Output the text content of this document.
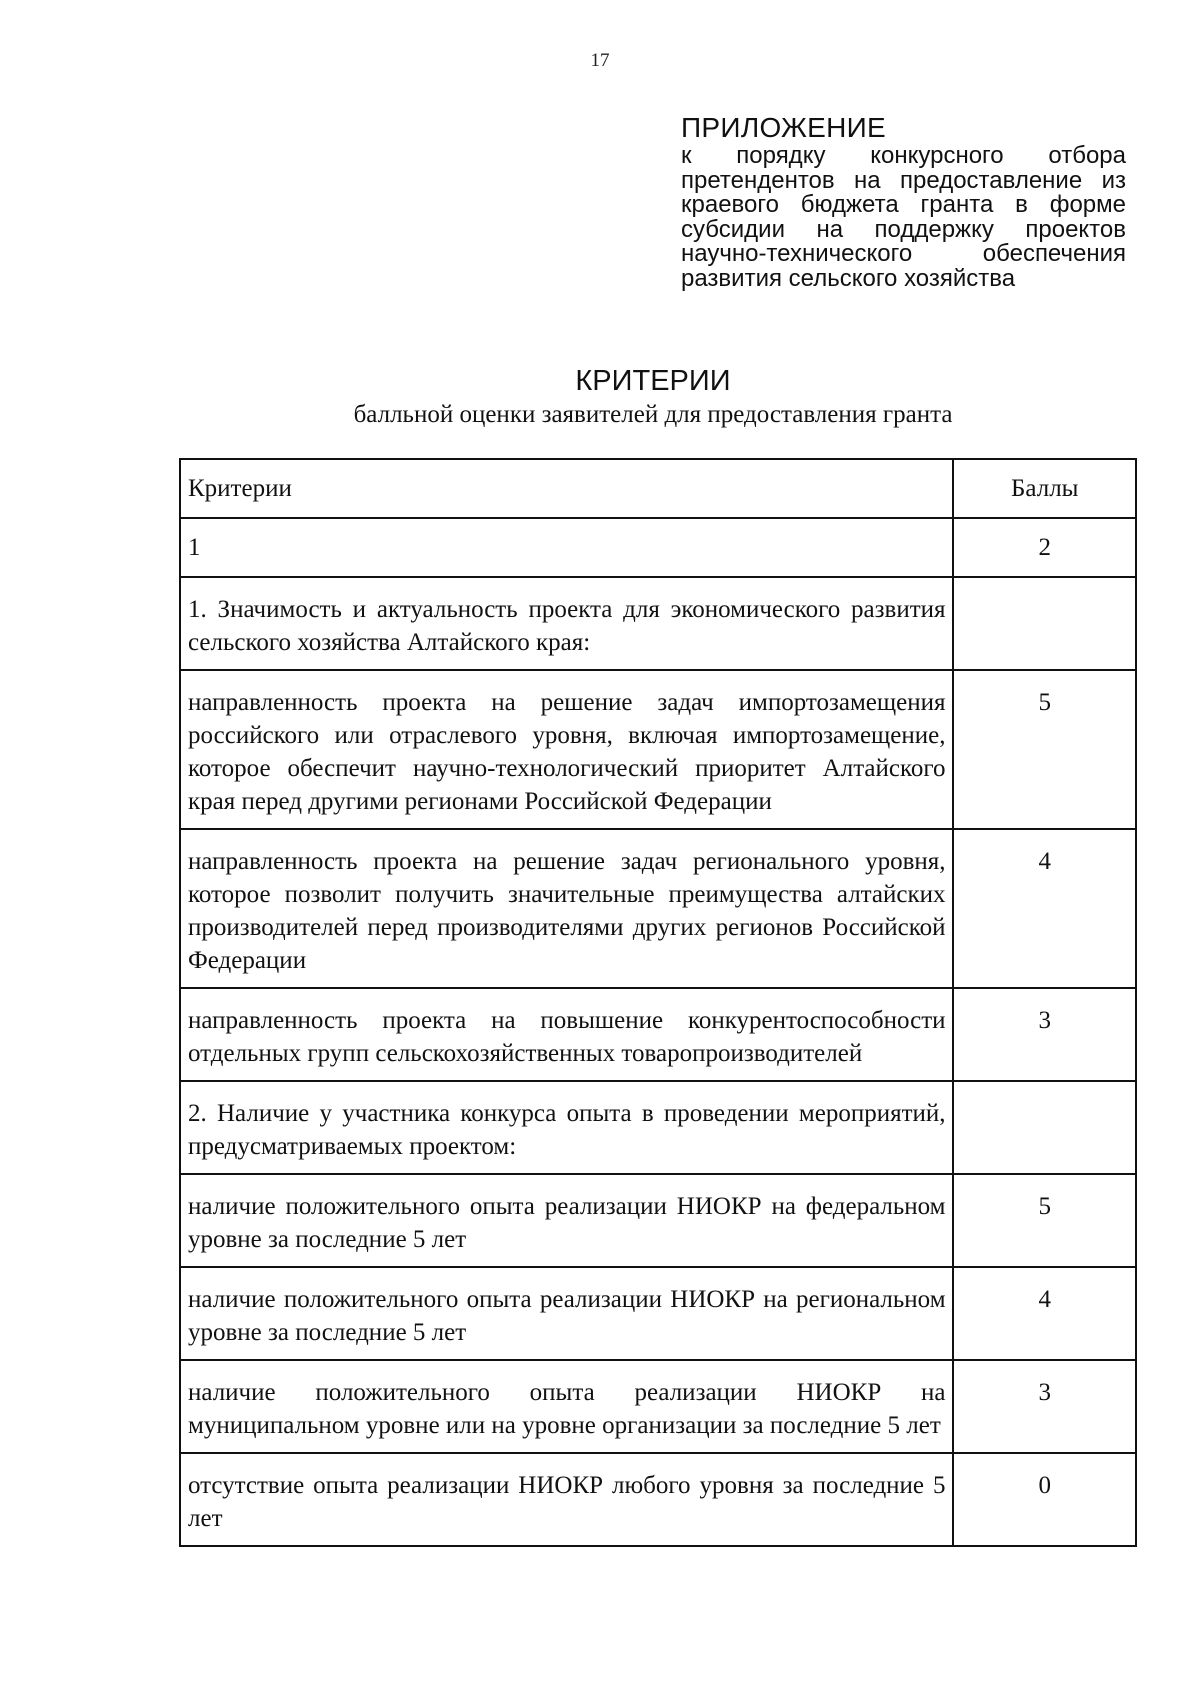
17
ПРИЛОЖЕНИЕ
к порядку конкурсного отбора претендентов на предоставление из краевого бюджета гранта в форме субсидии на поддержку проектов научно-технического обеспечения развития сельского хозяйства
КРИТЕРИИ
балльной оценки заявителей для предоставления гранта
Критерии	Баллы
1	2
1. Значимость и актуальность проекта для экономического развития сельского хозяйства Алтайского края:	
направленность проекта на решение задач импортозамещения российского или отраслевого уровня, включая импортозамещение, которое обеспечит научно-технологический приоритет Алтайского края перед другими регионами Российской Федерации	5
направленность проекта на решение задач регионального уровня, которое позволит получить значительные преимущества алтайских производителей перед производителями других регионов Российской Федерации	4
направленность проекта на повышение конкурентоспособности отдельных групп сельскохозяйственных товаропроизводителей	3
2. Наличие у участника конкурса опыта в проведении мероприятий, предусматриваемых проектом:	
наличие положительного опыта реализации НИОКР на федеральном уровне за последние 5 лет	5
наличие положительного опыта реализации НИОКР на региональном уровне за последние 5 лет	4
наличие положительного опыта реализации НИОКР на муниципальном уровне или на уровне организации за последние 5 лет	3
отсутствие опыта реализации НИОКР любого уровня за последние 5 лет	0
